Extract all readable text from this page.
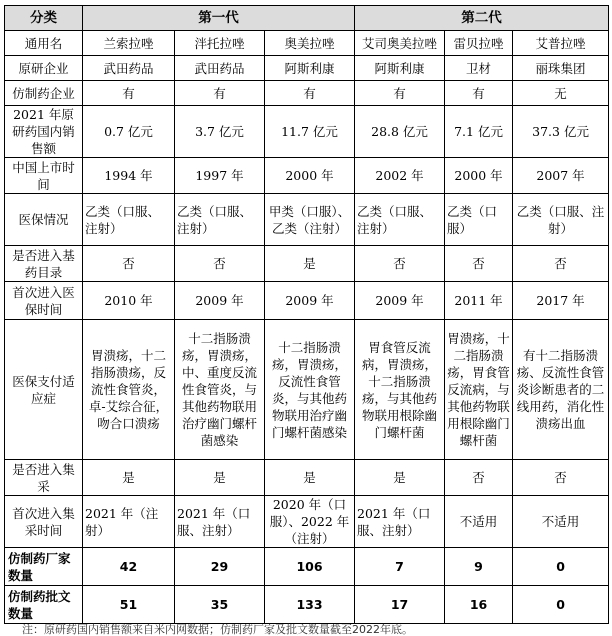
分类	第一代			第二代		
通用名	兰索拉唑	泮托拉唑	奥美拉唑	艾司奥美拉唑	雷贝拉唑	艾普拉唑
原研企业	武田药品	武田药品	阿斯利康	阿斯利康	卫材	丽珠集团
仿制药企业	有	有	有	有	有	无
2021 年原研药国内销售额	0.7 亿元	3.7 亿元	11.7 亿元	28.8 亿元	7.1 亿元	37.3 亿元
中国上市时间	1994 年	1997 年	2000 年	2002 年	2000 年	2007 年
医保情况	乙类（口服、注射）	乙类（口服、注射）	甲类（口服）、乙类（注射）	乙类（口服、注射）	乙类（口服）	乙类（口服、注射）
是否进入基药目录	否	否	是	否	否	否
首次进入医保时间	2010 年	2009 年	2009 年	2009 年	2011 年	2017 年
医保支付适应症	胃溃疡，十二指肠溃疡，反流性食管炎，卓-艾综合征，吻合口溃疡	十二指肠溃疡，胃溃疡，中、重度反流性食管炎，与其他药物联用治疗幽门螺杆菌感染	十二指肠溃疡，胃溃疡，反流性食管炎，与其他药物联用治疗幽门螺杆菌感染	胃食管反流病，胃溃疡，十二指肠溃疡，与其他药物联用根除幽门螺杆菌	胃溃疡，十二指肠溃疡，胃食管反流病，与其他药物联用根除幽门螺杆菌	有十二指肠溃疡、反流性食管炎诊断患者的二线用药，消化性溃疡出血
是否进入集采	是	是	是	是	否	否
首次进入集采时间	2021 年（注射）	2021 年（口服、注射）	2020 年（口服）、2022 年（注射）	2021 年（口服、注射）	不适用	不适用
仿制药厂家数量	42	29	106	7	9	0
仿制药批文数量	51	35	133	17	16	0
注：原研药国内销售额来自米内网数据；仿制药厂家及批文数量截至2022年底。
